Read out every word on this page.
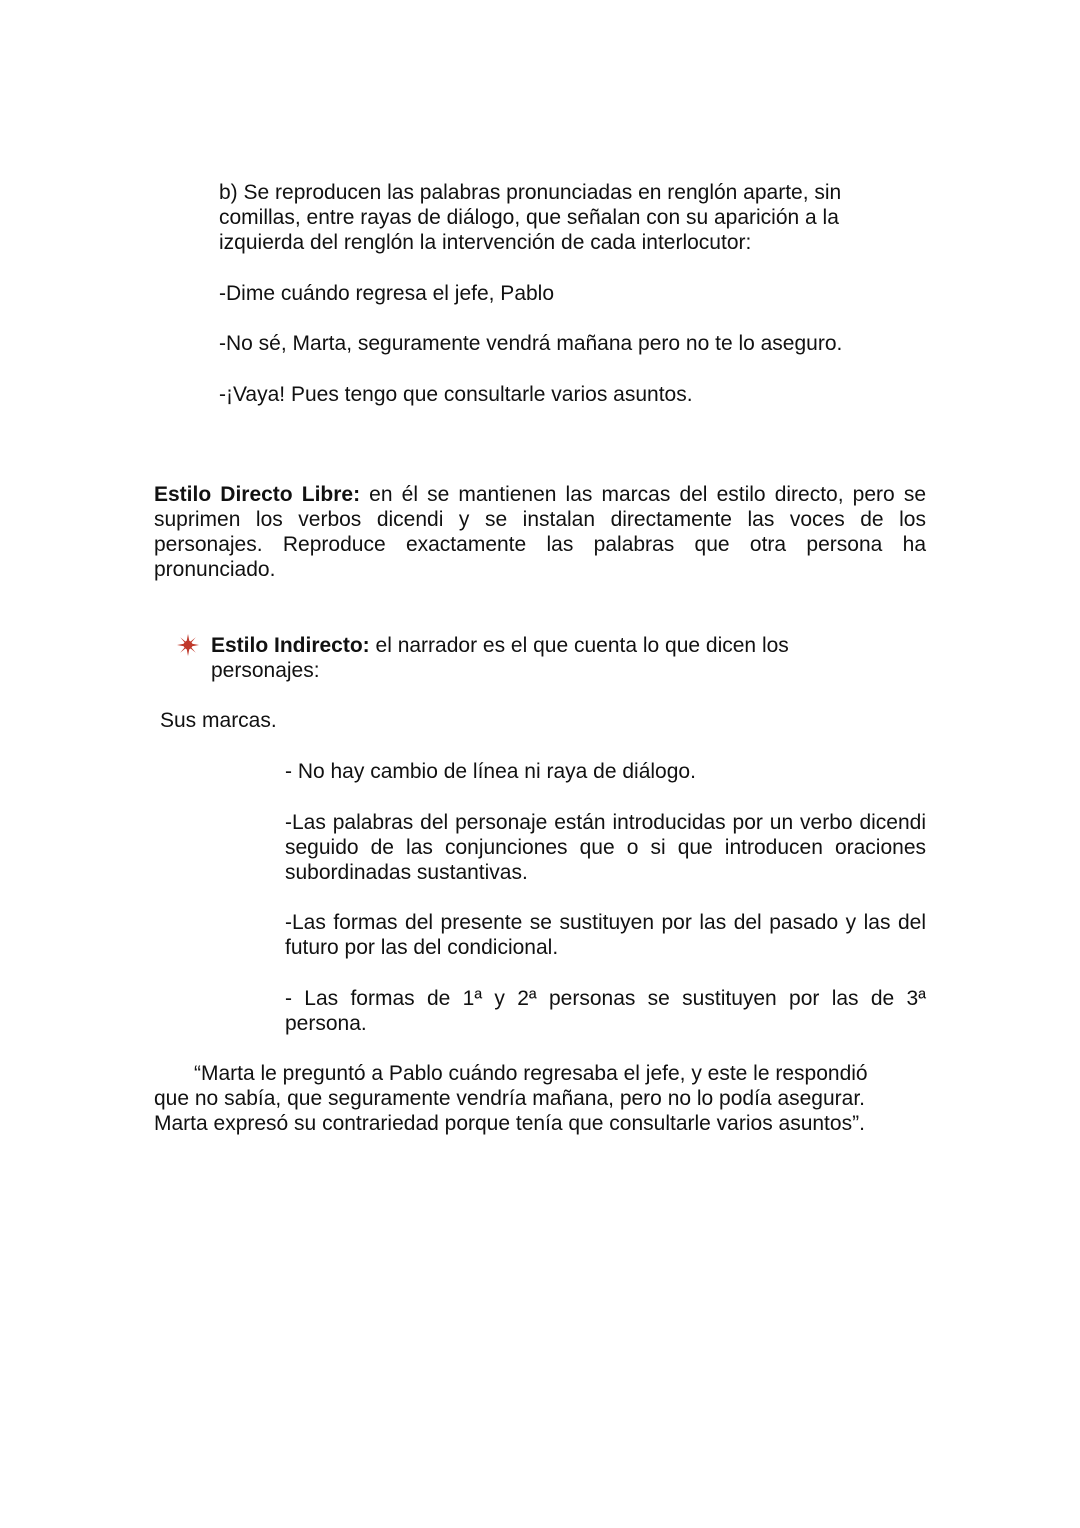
b) Se reproducen las palabras pronunciadas en renglón aparte, sin

comillas, entre rayas de diálogo, que señalan con su aparición a la

izquierda del renglón la intervención de cada interlocutor:

-Dime cuándo regresa el jefe, Pablo

-No sé, Marta, seguramente vendrá mañana pero no te lo aseguro.

-¡Vaya! Pues tengo que consultarle varios asuntos.

Estilo Directo Libre: en él se mantienen las marcas del estilo directo, pero se suprimen los verbos dicendi y se instalan directamente las voces de los personajes. Reproduce exactamente las palabras que otra persona ha pronunciado.

Estilo Indirecto: el narrador es el que cuenta lo que dicen los personajes:

Sus marcas.

- No hay cambio de línea ni raya de diálogo.

-Las palabras del personaje están introducidas por un verbo dicendi seguido de las conjunciones que o si que introducen oraciones subordinadas sustantivas.

-Las formas del presente se sustituyen por las del pasado y las del futuro por las del condicional.

- Las formas de 1ª y 2ª personas se sustituyen por las de 3ª persona.

“Marta le preguntó a Pablo cuándo regresaba el jefe, y este le respondió

que no sabía, que seguramente vendría mañana, pero no lo podía asegurar.

Marta expresó su contrariedad porque tenía que consultarle varios asuntos”.
